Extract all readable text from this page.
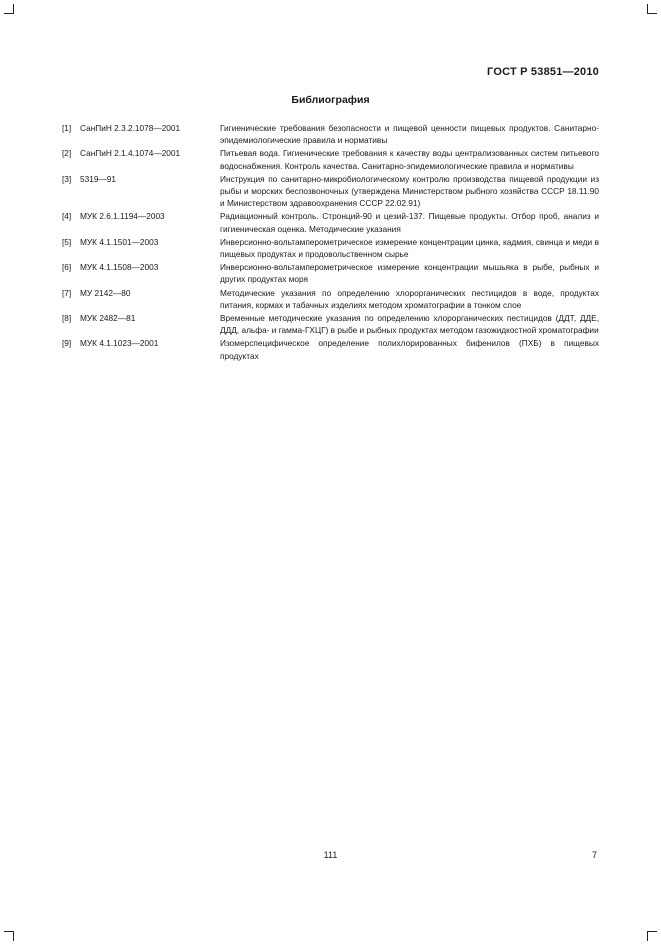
ГОСТ Р 53851—2010
Библиография
[1]	СанПиН 2.3.2.1078—2001	Гигиенические требования безопасности и пищевой ценности пищевых продуктов. Санитарно-эпидемиологические правила и нормативы
[2]	СанПиН 2.1.4.1074—2001	Питьевая вода. Гигиенические требования к качеству воды централизованных систем питьевого водоснабжения. Контроль качества. Санитарно-эпидемиологические правила и нормативы
[3]	5319—91	Инструкция по санитарно-микробиологическому контролю производства пищевой продукции из рыбы и морских беспозвоночных (утверждена Министерством рыбного хозяйства СССР 18.11.90 и Министерством здравоохранения СССР 22.02.91)
[4]	МУК 2.6.1.1194—2003	Радиационный контроль. Стронций-90 и цезий-137. Пищевые продукты. Отбор проб, анализ и гигиеническая оценка. Методические указания
[5]	МУК 4.1.1501—2003	Инверсионно-вольтамперометрическое измерение концентрации цинка, кадмия, свинца и меди в пищевых продуктах и продовольственном сырье
[6]	МУК 4.1.1508—2003	Инверсионно-вольтамперометрическое измерение концентрации мышьяка в рыбе, рыбных и других продуктах моря
[7]	МУ 2142—80	Методические указания по определению хлорорганических пестицидов в воде, продуктах питания, кормах и табачных изделиях методом хроматографии в тонком слое
[8]	МУК 2482—81	Временные методические указания по определению хлорорганических пестицидов (ДДТ, ДДЕ, ДДД, альфа- и гамма-ГХЦГ) в рыбе и рыбных продуктах методом газожидкостной хроматографии
[9]	МУК 4.1.1023—2001	Изомерспецифическое определение полихлорированных бифенилов (ПХБ) в пищевых продуктах
111	7
